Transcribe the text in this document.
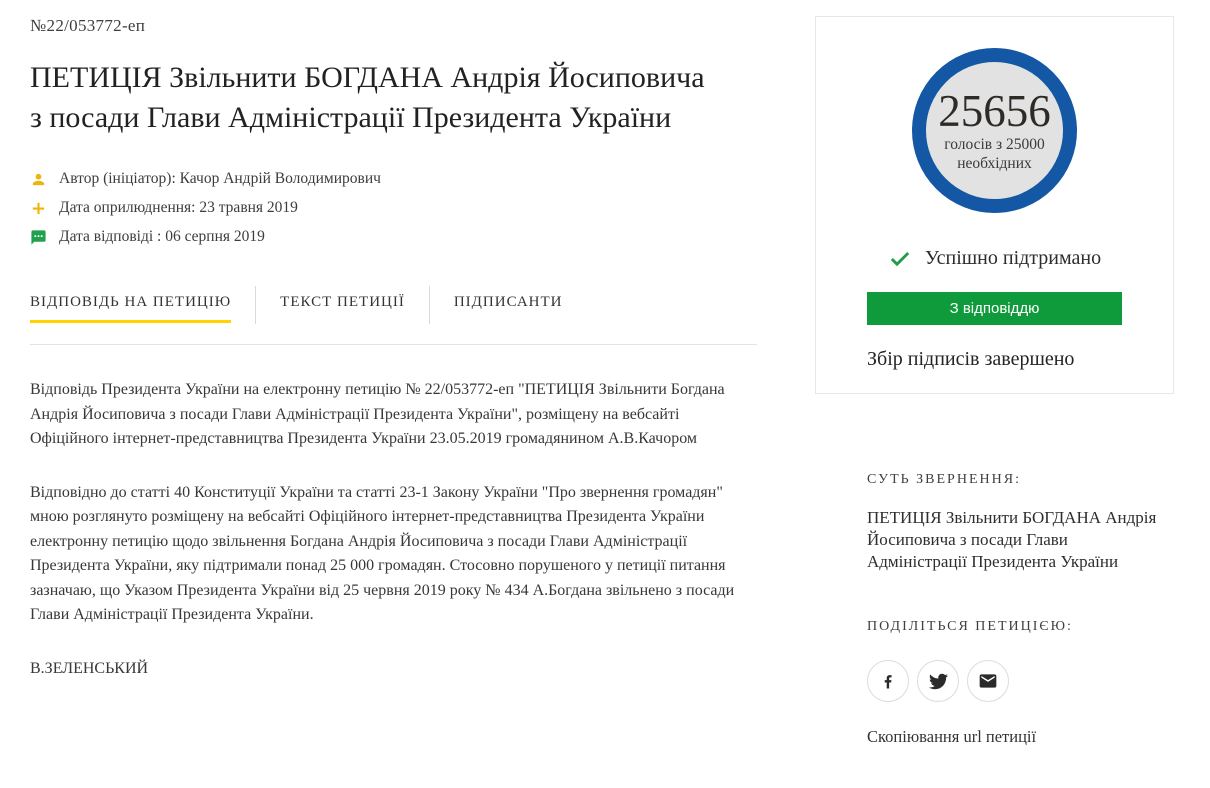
№22/053772-еп
ПЕТИЦІЯ Звільнити БОГДАНА Андрія Йосиповича з посади Глави Адміністрації Президента України
Автор (ініціатор): Качор Андрій Володимирович
Дата оприлюднення: 23 травня 2019
Дата відповіді : 06 серпня 2019
ВІДПОВІДЬ НА ПЕТИЦІЮ	ТЕКСТ ПЕТИЦІЇ	ПІДПИСАНТИ

Відповідь Президента України на електронну петицію № 22/053772-еп "ПЕТИЦІЯ Звільнити Богдана Андрія Йосиповича з посади Глави Адміністрації Президента України", розміщену на вебсайті Офіційного інтернет-представництва Президента України 23.05.2019 громадянином А.В.Качором

Відповідно до статті 40 Конституції України та статті 23-1 Закону України "Про звернення громадян" мною розглянуто розміщену на вебсайті Офіційного інтернет-представництва Президента України електронну петицію щодо звільнення Богдана Андрія Йосиповича з посади Глави Адміністрації Президента України, яку підтримали понад 25 000 громадян. Стосовно порушеного у петиції питання зазначаю, що Указом Президента України від 25 червня 2019 року № 434 А.Богдана звільнено з посади Глави Адміністрації Президента України.

В.ЗЕЛЕНСЬКИЙ

25656
голосів з 25000 необхідних
Успішно підтримано
З відповіддю
Збір підписів завершено
СУТЬ ЗВЕРНЕННЯ:
ПЕТИЦІЯ Звільнити БОГДАНА Андрія Йосиповича з посади Глави Адміністрації Президента України
ПОДІЛІТЬСЯ ПЕТИЦІЄЮ:
Скопіювання url петиції
